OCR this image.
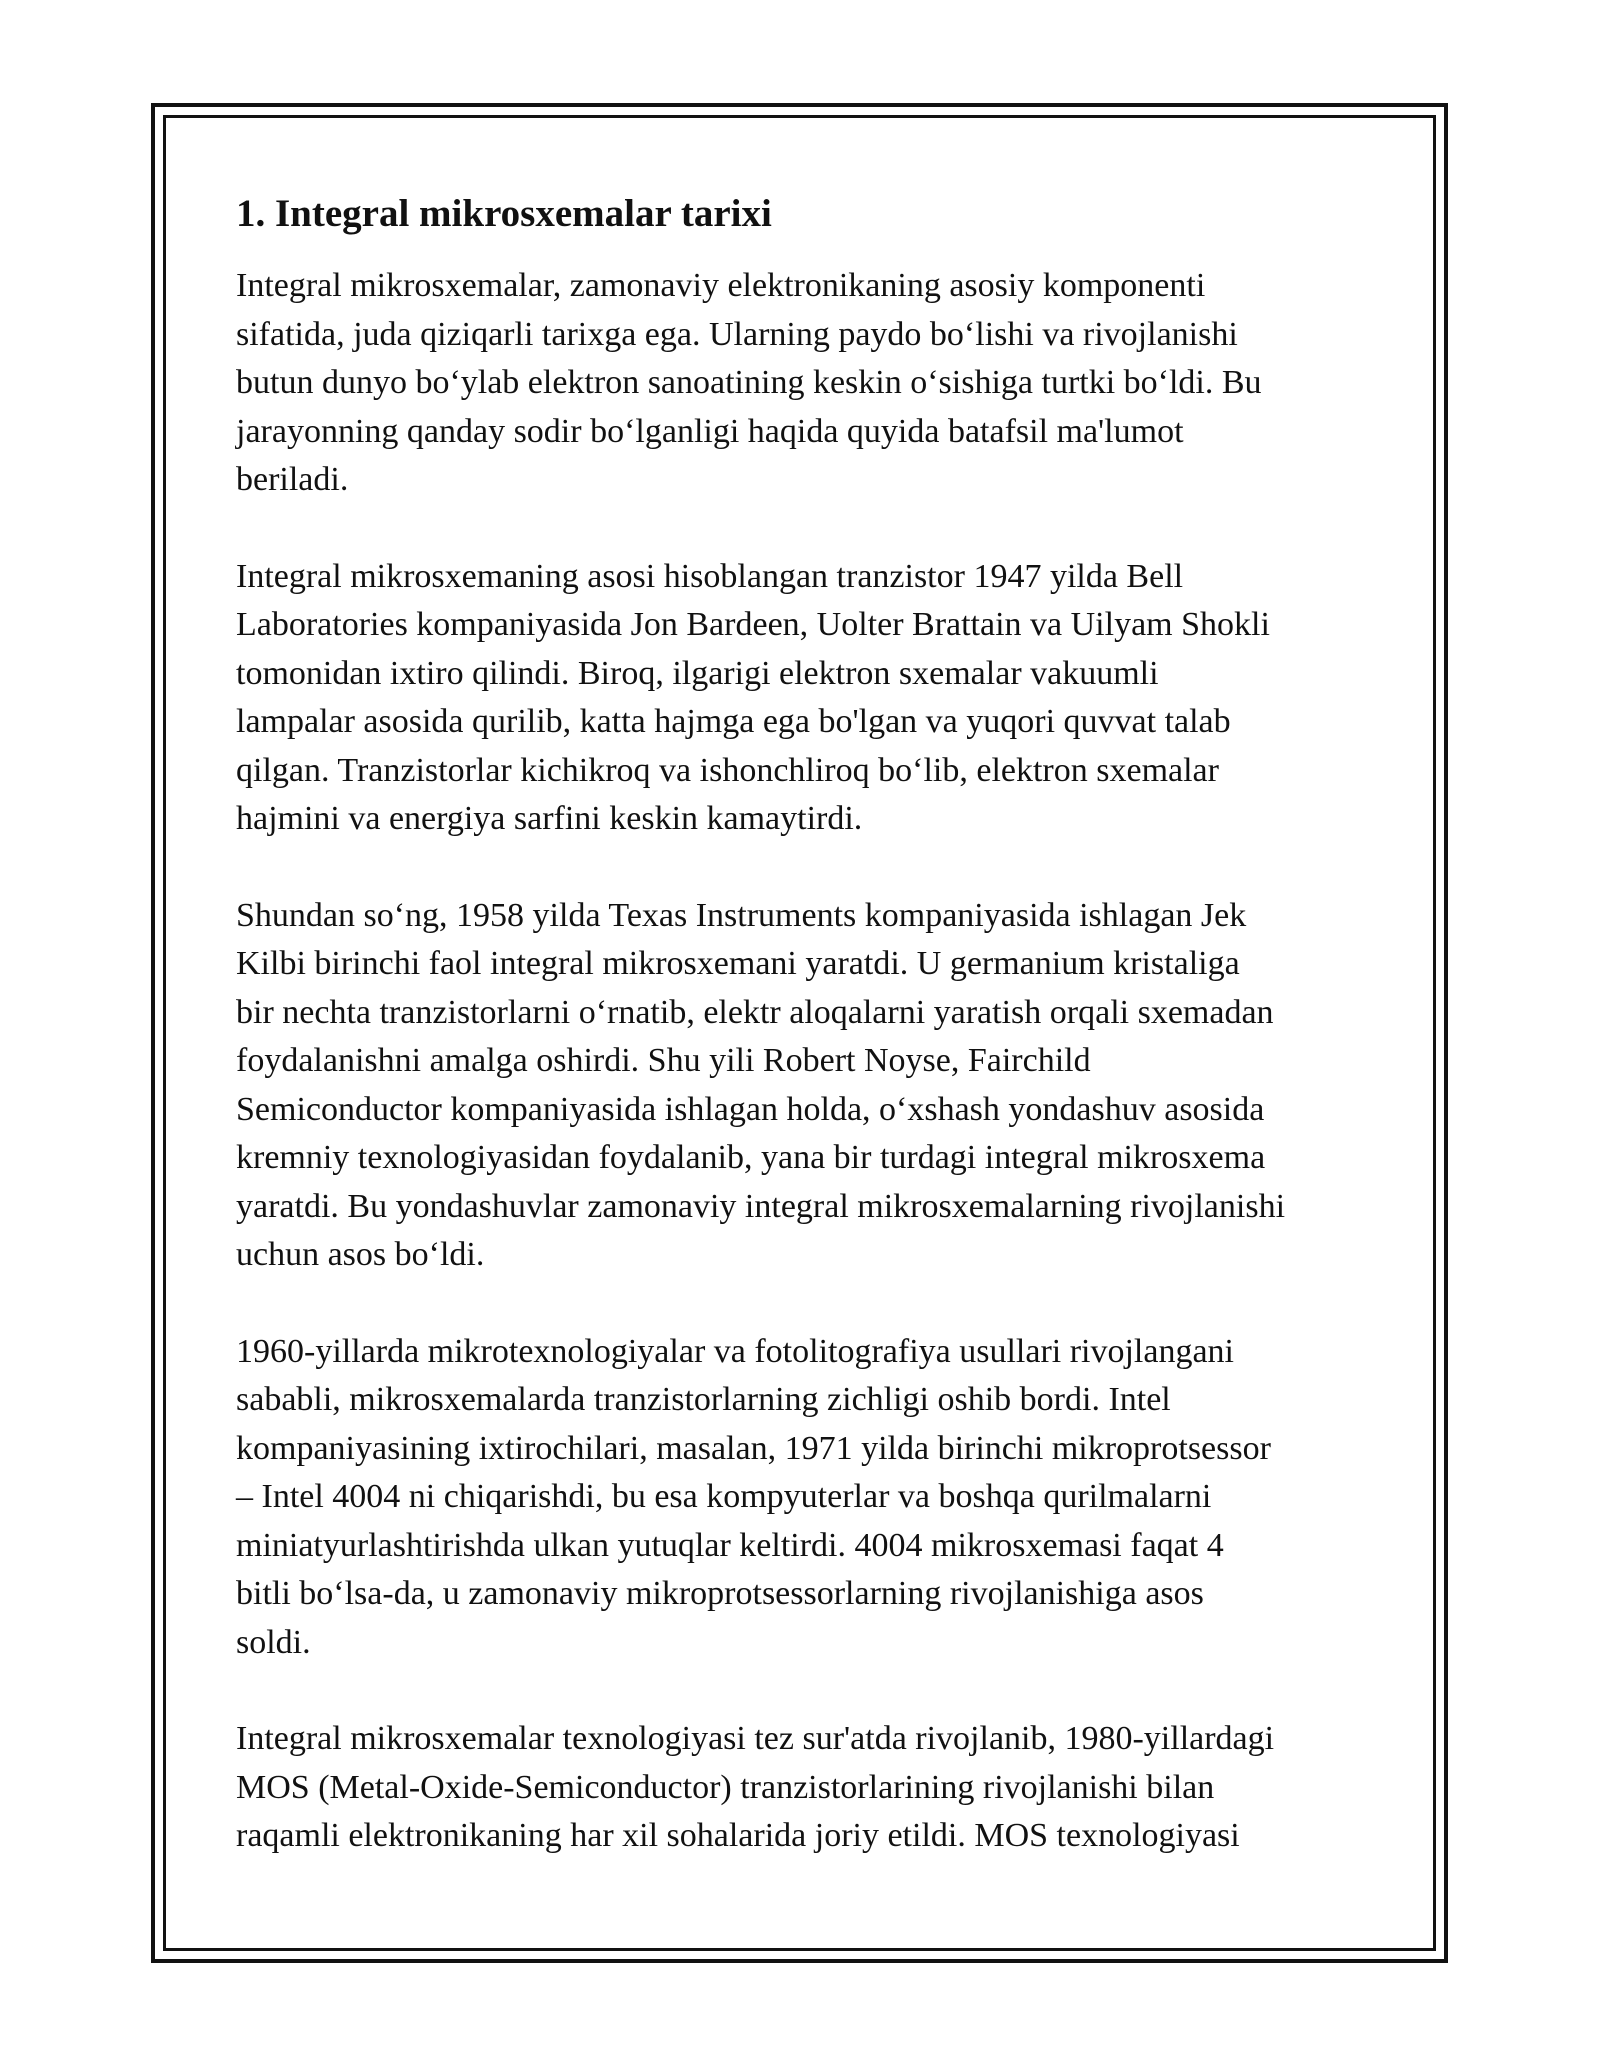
1. Integral mikrosxemalar tarixi

Integral mikrosxemalar, zamonaviy elektronikaning asosiy komponenti
sifatida, juda qiziqarli tarixga ega. Ularning paydo boʻlishi va rivojlanishi
butun dunyo boʻylab elektron sanoatining keskin oʻsishiga turtki boʻldi. Bu
jarayonning qanday sodir boʻlganligi haqida quyida batafsil ma'lumot
beriladi.

Integral mikrosxemaning asosi hisoblangan tranzistor 1947 yilda Bell
Laboratories kompaniyasida Jon Bardeen, Uolter Brattain va Uilyam Shokli
tomonidan ixtiro qilindi. Biroq, ilgarigi elektron sxemalar vakuumli
lampalar asosida qurilib, katta hajmga ega bo'lgan va yuqori quvvat talab
qilgan. Tranzistorlar kichikroq va ishonchliroq boʻlib, elektron sxemalar
hajmini va energiya sarfini keskin kamaytirdi.

Shundan soʻng, 1958 yilda Texas Instruments kompaniyasida ishlagan Jek
Kilbi birinchi faol integral mikrosxemani yaratdi. U germanium kristaliga
bir nechta tranzistorlarni oʻrnatib, elektr aloqalarni yaratish orqali sxemadan
foydalanishni amalga oshirdi. Shu yili Robert Noyse, Fairchild
Semiconductor kompaniyasida ishlagan holda, oʻxshash yondashuv asosida
kremniy texnologiyasidan foydalanib, yana bir turdagi integral mikrosxema
yaratdi. Bu yondashuvlar zamonaviy integral mikrosxemalarning rivojlanishi
uchun asos boʻldi.

1960-yillarda mikrotexnologiyalar va fotolitografiya usullari rivojlangani
sababli, mikrosxemalarda tranzistorlarning zichligi oshib bordi. Intel
kompaniyasining ixtirochilari, masalan, 1971 yilda birinchi mikroprotsessor
– Intel 4004 ni chiqarishdi, bu esa kompyuterlar va boshqa qurilmalarni
miniatyurlashtirishda ulkan yutuqlar keltirdi. 4004 mikrosxemasi faqat 4
bitli boʻlsa-da, u zamonaviy mikroprotsessorlarning rivojlanishiga asos
soldi.

Integral mikrosxemalar texnologiyasi tez sur'atda rivojlanib, 1980-yillardagi
MOS (Metal-Oxide-Semiconductor) tranzistorlarining rivojlanishi bilan
raqamli elektronikaning har xil sohalarida joriy etildi. MOS texnologiyasi
